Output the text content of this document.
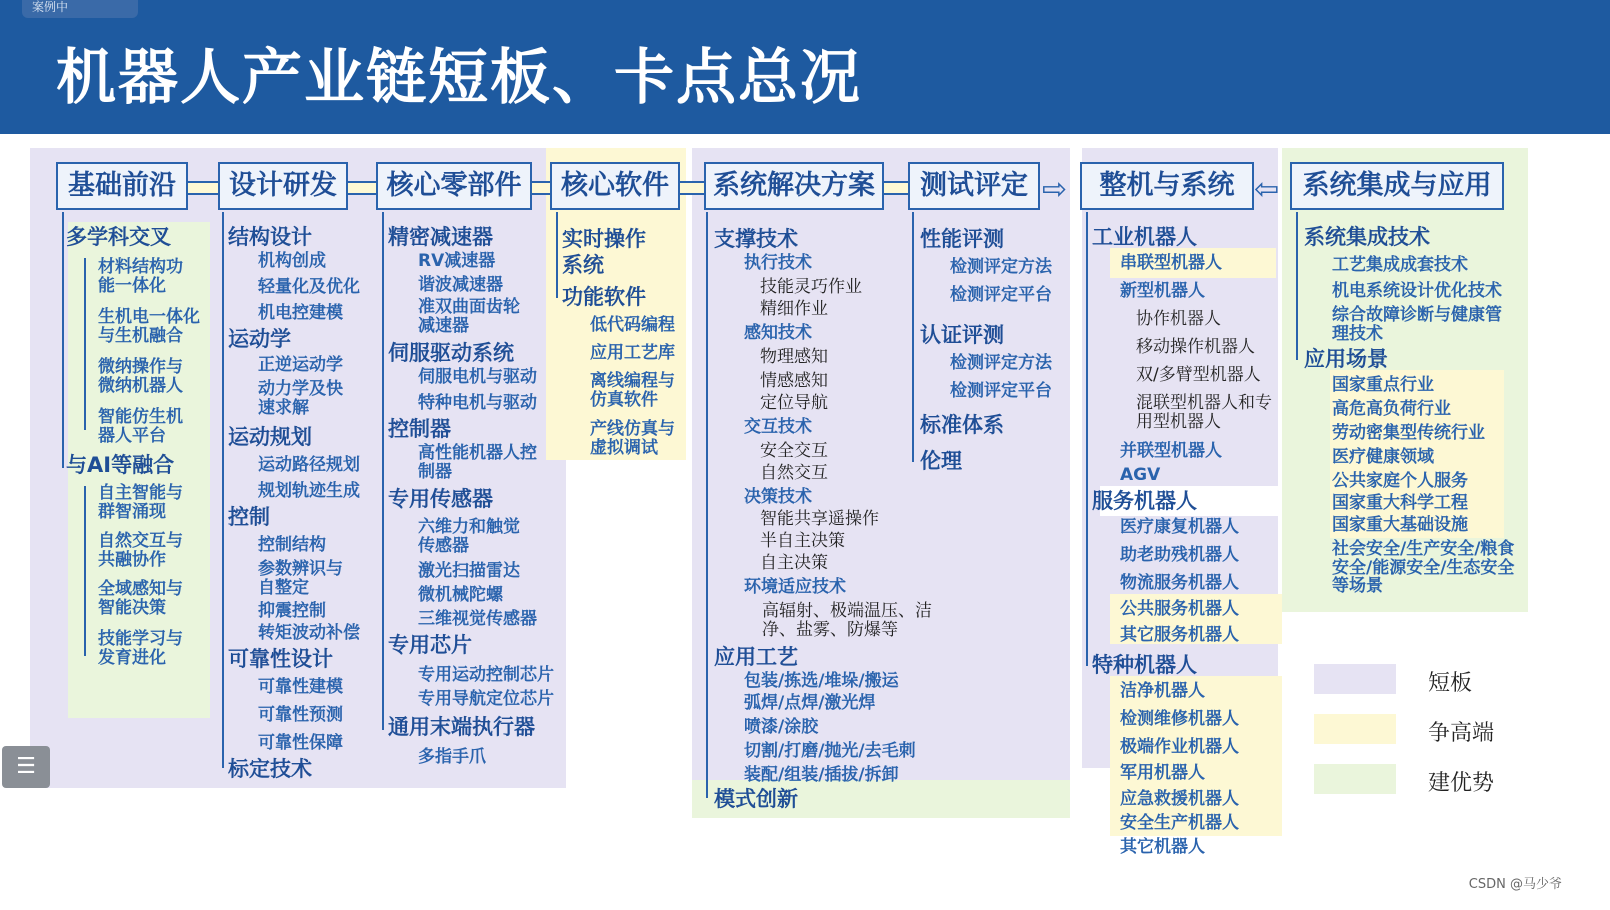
案例中
机器人产业链短板、卡点总况
⇨	⇦
基础前沿	设计研发	核心零部件	核心软件	系统解决方案	测试评定	整机与系统	系统集成与应用
多学科交叉
材料结构功能一体化
生机电一体化与生机融合
微纳操作与微纳机器人
智能仿生机器人平台
与AI等融合
自主智能与群智涌现
自然交互与共融协作
全域感知与智能决策
技能学习与发育进化
结构设计
机构创成
轻量化及优化
机电控建模
运动学
正逆运动学
动力学及快速求解
运动规划
运动路径规划
规划轨迹生成
控制
控制结构
参数辨识与自整定
抑震控制
转矩波动补偿
可靠性设计
可靠性建模
可靠性预测
可靠性保障
标定技术
精密减速器
RV减速器
谐波减速器
准双曲面齿轮减速器
伺服驱动系统
伺服电机与驱动
特种电机与驱动
控制器
高性能机器人控制器
专用传感器
六维力和触觉传感器
激光扫描雷达
微机械陀螺
三维视觉传感器
专用芯片
专用运动控制芯片
专用导航定位芯片
通用末端执行器
多指手爪
实时操作系统
功能软件
低代码编程
应用工艺库
离线编程与仿真软件
产线仿真与虚拟调试
支撑技术
执行技术
技能灵巧作业
精细作业
感知技术
物理感知
情感感知
定位导航
交互技术
安全交互
自然交互
决策技术
智能共享遥操作
半自主决策
自主决策
环境适应技术
高辐射、极端温压、洁净、盐雾、防爆等
应用工艺
包装/拣选/堆垛/搬运
弧焊/点焊/激光焊
喷漆/涂胶
切割/打磨/抛光/去毛刺
装配/组装/插拔/拆卸
模式创新
性能评测
检测评定方法
检测评定平台
认证评测
检测评定方法
检测评定平台
标准体系
伦理
工业机器人
串联型机器人
新型机器人
协作机器人
移动操作机器人
双/多臂型机器人
混联型机器人和专用型机器人
并联型机器人
AGV
服务机器人
医疗康复机器人
助老助残机器人
物流服务机器人
公共服务机器人
其它服务机器人
特种机器人
洁净机器人
检测维修机器人
极端作业机器人
军用机器人
应急救援机器人
安全生产机器人
其它机器人
系统集成技术
工艺集成成套技术
机电系统设计优化技术
综合故障诊断与健康管理技术
应用场景
国家重点行业
高危高负荷行业
劳动密集型传统行业
医疗健康领域
公共家庭个人服务
国家重大科学工程
国家重大基础设施
社会安全/生产安全/粮食安全/能源安全/生态安全等场景
短板
争高端
建优势
☰
CSDN @马少爷
